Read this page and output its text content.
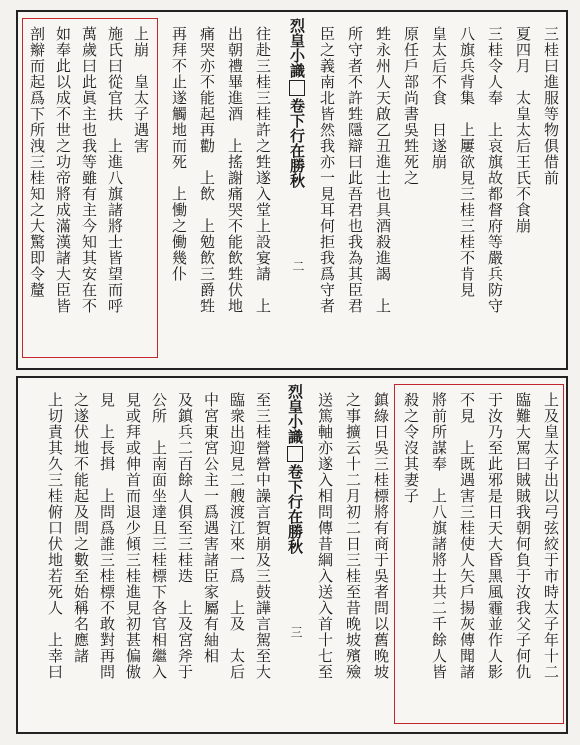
三桂曰進服等物俱借前
夏四月　太皇太后王氏不食崩
三桂令人奉　上哀旗故都督府等嚴兵防守
八旗兵背集　上屢欲見三桂三桂不肯見
皇太后不食　日遂崩
原任戶部尚書吳甡死之
甡永州人天啟乙丑進士也具酒殺進謁　上
所守者不許甡隱辯曰此吾君也我為其臣君
臣之義南北皆然我亦一見耳何拒我爲守者
烈皇小識卷下行在勝秋
二
往赴三桂三桂許之甡遂入堂上設宴請　上
出朝禮畢進酒　上搖謝痛哭不能飲甡伏地
痛哭亦不能起再勸　上飲　上勉飲三爵甡
再拜不止遂觸地而死　上慟之働幾仆
上崩　皇太子遇害
施氏曰從官扶　上進八旗諸將士皆望而呼
萬歲曰此眞主也我等雖有主今知其安在不
如奉此以成不世之功帝將成滿漢諸大臣皆
剖辮而起爲下所洩三桂知之大驚即令釐
上及皇太子出以弓弦絞于市時太子年十二
臨難大罵曰賊賊我朝何負于汝我父子何仇
于汝乃至此邪是日天大昏黑風霾並作人影
不見　上既遇害三桂使人矢戶揚灰傳聞諸
將前所謀奉　上八旗諸將士共二千餘人皆
殺之令沒其妻子
鎮綠日吳三桂標將有商于吳者問以舊晚坡
之事擴云十二月初二日三桂至昔晚坡殯殮
送篤軸亦遂入相問傳昔綱入送入首十七至
烈皇小識卷下行在勝秋
三
至三桂營營中譟言賀崩及三鼓譁言駕至大
臨衆出迎見二艘渡江來一爲　上及　太后
中宮東宮公主一爲遇害諸臣家屬有紬相
及鎮兵二百餘人俱至三桂迭　上及宮斧于
公所　上南面坐達且三桂標下各官相繼入
見或拜或伸首而退少傾三桂進見初甚偏傲
見　上長揖　上問爲誰三桂標不敢對再問
之遂伏地不能起及問之數至始稱名應諸
上切責其久三桂俯口伏地若死人　上幸曰
